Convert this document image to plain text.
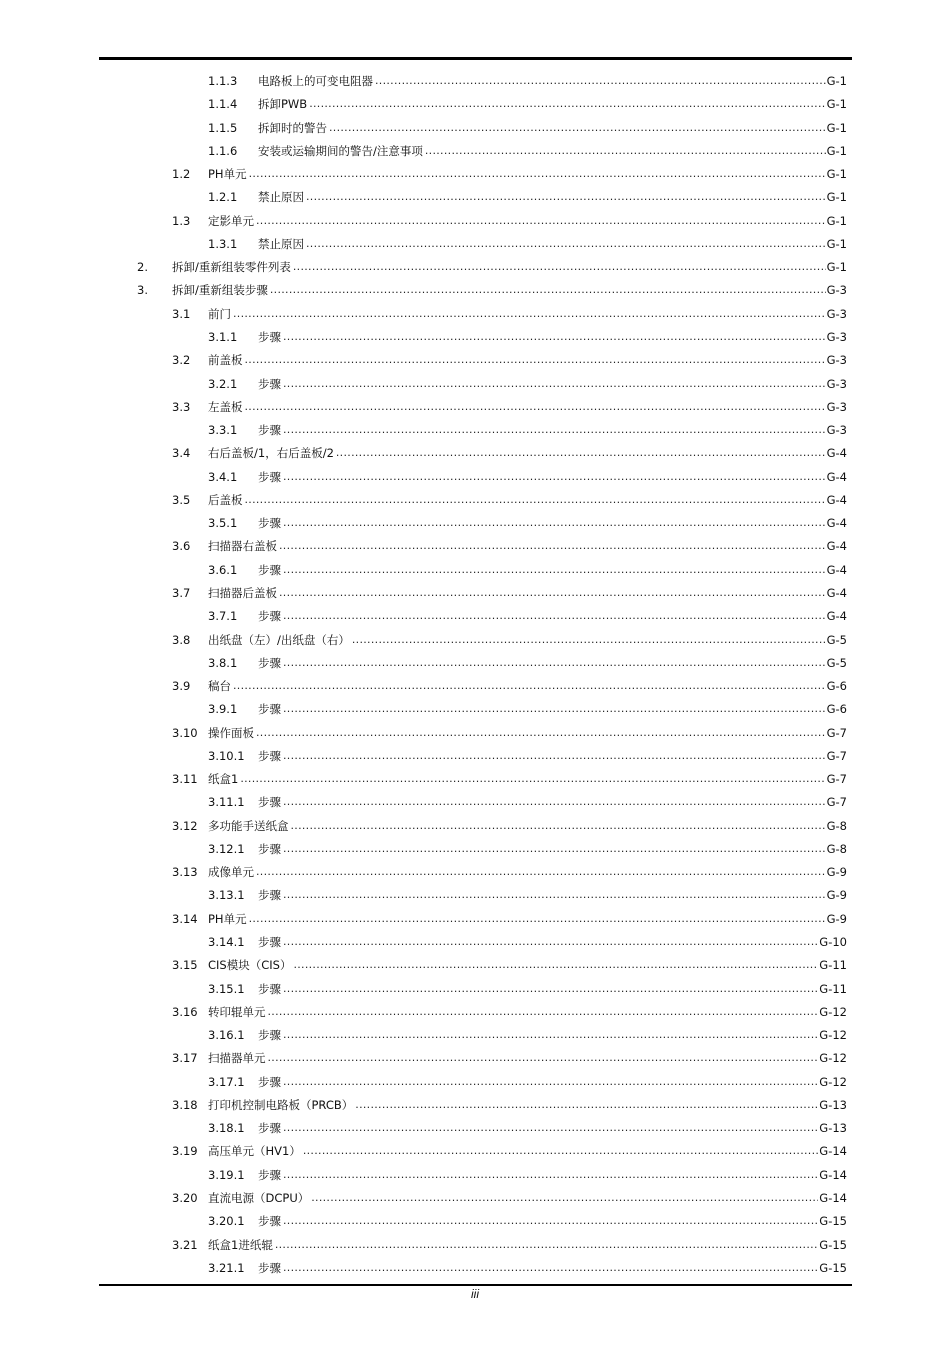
1.1.3	电路板上的可变电阻器 .....	G-1
1.1.4	拆卸PWB .....	G-1
1.1.5	拆卸时的警告 .....	G-1
1.1.6	安装或运输期间的警告/注意事项 .....	G-1
1.2	PH单元 .....	G-1
1.2.1	禁止原因 .....	G-1
1.3	定影单元 .....	G-1
1.3.1	禁止原因 .....	G-1
2.	拆卸/重新组装零件列表 .....	G-1
3.	拆卸/重新组装步骤 .....	G-3
3.1	前门 .....	G-3
3.1.1	步骤 .....	G-3
3.2	前盖板 .....	G-3
3.2.1	步骤 .....	G-3
3.3	左盖板 .....	G-3
3.3.1	步骤 .....	G-3
3.4	右后盖板/1，右后盖板/2 .....	G-4
3.4.1	步骤 .....	G-4
3.5	后盖板 .....	G-4
3.5.1	步骤 .....	G-4
3.6	扫描器右盖板 .....	G-4
3.6.1	步骤 .....	G-4
3.7	扫描器后盖板 .....	G-4
3.7.1	步骤 .....	G-4
3.8	出纸盘（左）/出纸盘（右） .....	G-5
3.8.1	步骤 .....	G-5
3.9	稿台 .....	G-6
3.9.1	步骤 .....	G-6
3.10 操作面板 .....	G-7
3.10.1	步骤 .....	G-7
3.11 纸盒1 .....	G-7
3.11.1	步骤 .....	G-7
3.12 多功能手送纸盒 .....	G-8
3.12.1	步骤 .....	G-8
3.13 成像单元 .....	G-9
3.13.1	步骤 .....	G-9
3.14 PH单元 .....	G-9
3.14.1	步骤 .....	G-10
3.15 CIS模块（CIS） .....	G-11
3.15.1	步骤 .....	G-11
3.16 转印辊单元 .....	G-12
3.16.1	步骤 .....	G-12
3.17 扫描器单元 .....	G-12
3.17.1	步骤 .....	G-12
3.18 打印机控制电路板（PRCB） .....	G-13
3.18.1	步骤 .....	G-13
3.19 高压单元（HV1） .....	G-14
3.19.1	步骤 .....	G-14
3.20 直流电源（DCPU） .....	G-14
3.20.1	步骤 .....	G-15
3.21 纸盒1进纸辊 .....	G-15
3.21.1	步骤 .....	G-15
iii
